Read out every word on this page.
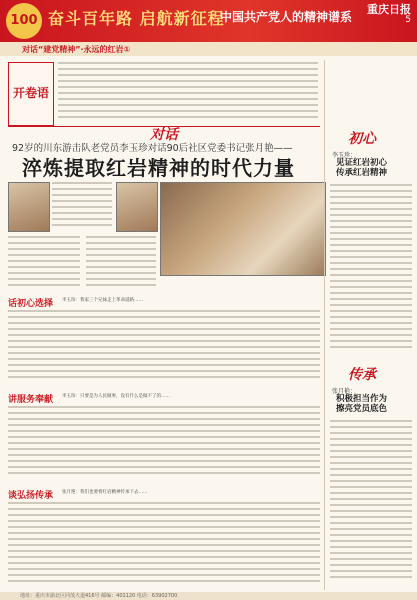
100 奋斗百年路 启航新征程
中国共产党人的精神谱系
重庆日报
5
对话“建党精神”·永远的红岩①
开卷语
对话
92岁的川东游击队老党员李玉珍对话90后社区党委书记张月艳——
淬炼提取红岩精神的时代力量
话初心选择 李玉珍：我家三个兄妹走上革命道路……
讲服务奉献 李玉珍：只要是为人民做事，没有什么是做不了的……
谈弘扬传承 张月艳：我们也要将红岩精神传承下去……
初心
李玉珍：
见证红岩初心
传承红岩精神
传承
张月艳：
积极担当作为
擦亮党员底色
地址：重庆市渝北区同茂大道416号 邮编：401120 电话：63902700
